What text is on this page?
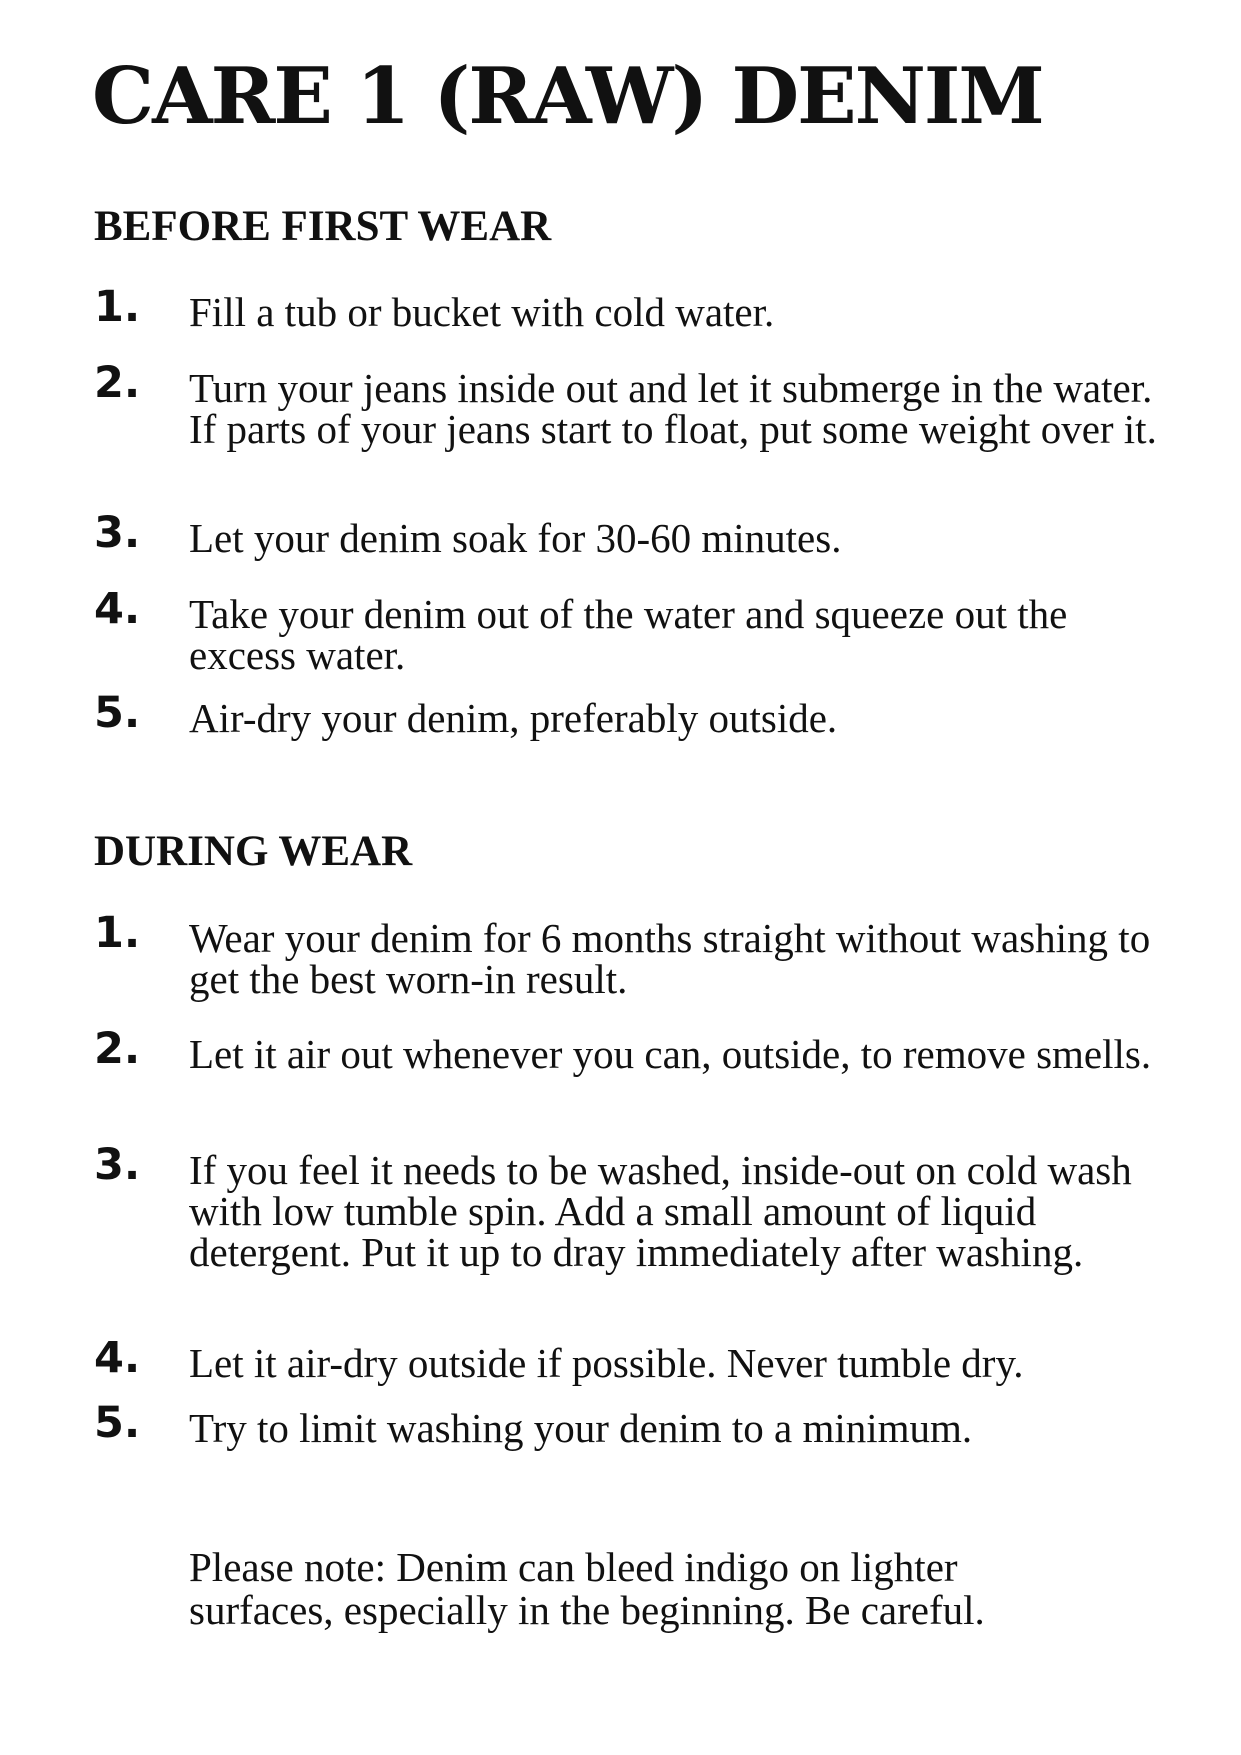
CARE 1 (RAW) DENIM
BEFORE FIRST WEAR
1. Fill a tub or bucket with cold water.
2. Turn your jeans inside out and let it submerge in the water. If parts of your jeans start to float, put some weight over it.
3. Let your denim soak for 30-60 minutes.
4. Take your denim out of the water and squeeze out the excess water.
5. Air-dry your denim, preferably outside.
DURING WEAR
1. Wear your denim for 6 months straight without washing to get the best worn-in result.
2. Let it air out whenever you can, outside, to remove smells.
3. If you feel it needs to be washed, inside-out on cold wash with low tumble spin. Add a small amount of liquid detergent. Put it up to dray immediately after washing.
4. Let it air-dry outside if possible. Never tumble dry.
5. Try to limit washing your denim to a minimum.

Please note: Denim can bleed indigo on lighter surfaces, especially in the beginning. Be careful.
